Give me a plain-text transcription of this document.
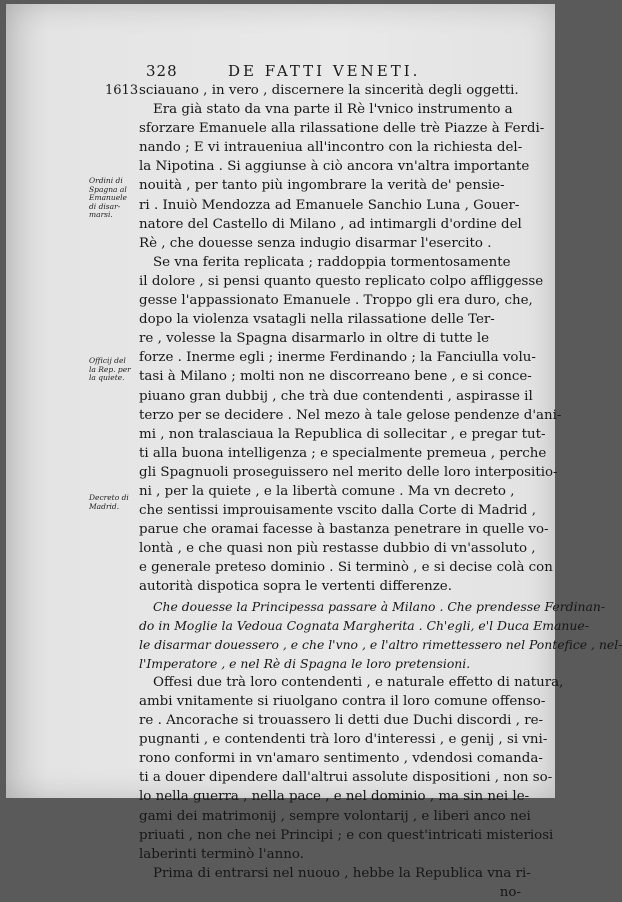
328	DE FATTI VENETI.
1613
Ordini di
Spagna al
Emanuele
di disar-
marsi.
Officij del
la Rep. per
la quiete.
Decreto di
Madrid.
sciauano , in vero , discernere la sincerità degli oggetti.
Era già stato da vna parte il Rè l'vnico instrumento a
sforzare Emanuele alla rilassatione delle trè Piazze à Ferdi-
nando ; E vi intraueniua all'incontro con la richiesta del-
la Nipotina . Si aggiunse à ciò ancora vn'altra importante
nouità , per tanto più ingombrare la verità de' pensie-
ri . Inuiò Mendozza ad Emanuele Sanchio Luna , Gouer-
natore del Castello di Milano , ad intimargli d'ordine del
Rè , che douesse senza indugio disarmar l'esercito .
Se vna ferita replicata ; raddoppia tormentosamente
il dolore , si pensi quanto questo replicato colpo affliggesse
gesse l'appassionato Emanuele . Troppo gli era duro, che,
dopo la violenza vsatagli nella rilassatione delle Ter-
re , volesse la Spagna disarmarlo in oltre di tutte le
forze . Inerme egli ; inerme Ferdinando ; la Fanciulla volu-
tasi à Milano ; molti non ne discorreano bene , e si conce-
piuano gran dubbij , che trà due contendenti , aspirasse il
terzo per se decidere . Nel mezo à tale gelose pendenze d'ani-
mi , non tralasciaua la Republica di sollecitar , e pregar tut-
ti alla buona intelligenza ; e specialmente premeua , perche
gli Spagnuoli proseguissero nel merito delle loro interpositio-
ni , per la quiete , e la libertà comune . Ma vn decreto ,
che sentissi improuisamente vscito dalla Corte di Madrid ,
parue che oramai facesse à bastanza penetrare in quelle vo-
lontà , e che quasi non più restasse dubbio di vn'assoluto ,
e generale preteso dominio . Si terminò , e si decise colà con
autorità dispotica sopra le vertenti differenze.
Che douesse la Principessa passare à Milano . Che prendesse Ferdinan-
do in Moglie la Vedoua Cognata Margherita . Ch'egli, e'l Duca Emanue-
le disarmar douessero , e che l'vno , e l'altro rimettessero nel Pontefice , nel-
l'Imperatore , e nel Rè di Spagna le loro pretensioni.
Offesi due trà loro contendenti , e naturale effetto di natura,
ambi vnitamente si riuolgano contra il loro comune offenso-
re . Ancorache si trouassero li detti due Duchi discordi , re-
pugnanti , e contendenti trà loro d'interessi , e genij , si vni-
rono conformi in vn'amaro sentimento , vdendosi comanda-
ti a douer dipendere dall'altrui assolute dispositioni , non so-
lo nella guerra , nella pace , e nel dominio , ma sin nei le-
gami dei matrimonij , sempre volontarij , e liberi anco nei
priuati , non che nei Principi ; e con quest'intricati misteriosi
laberinti terminò l'anno.
Prima di entrarsi nel nuouo , hebbe la Republica vna ri-
no-
